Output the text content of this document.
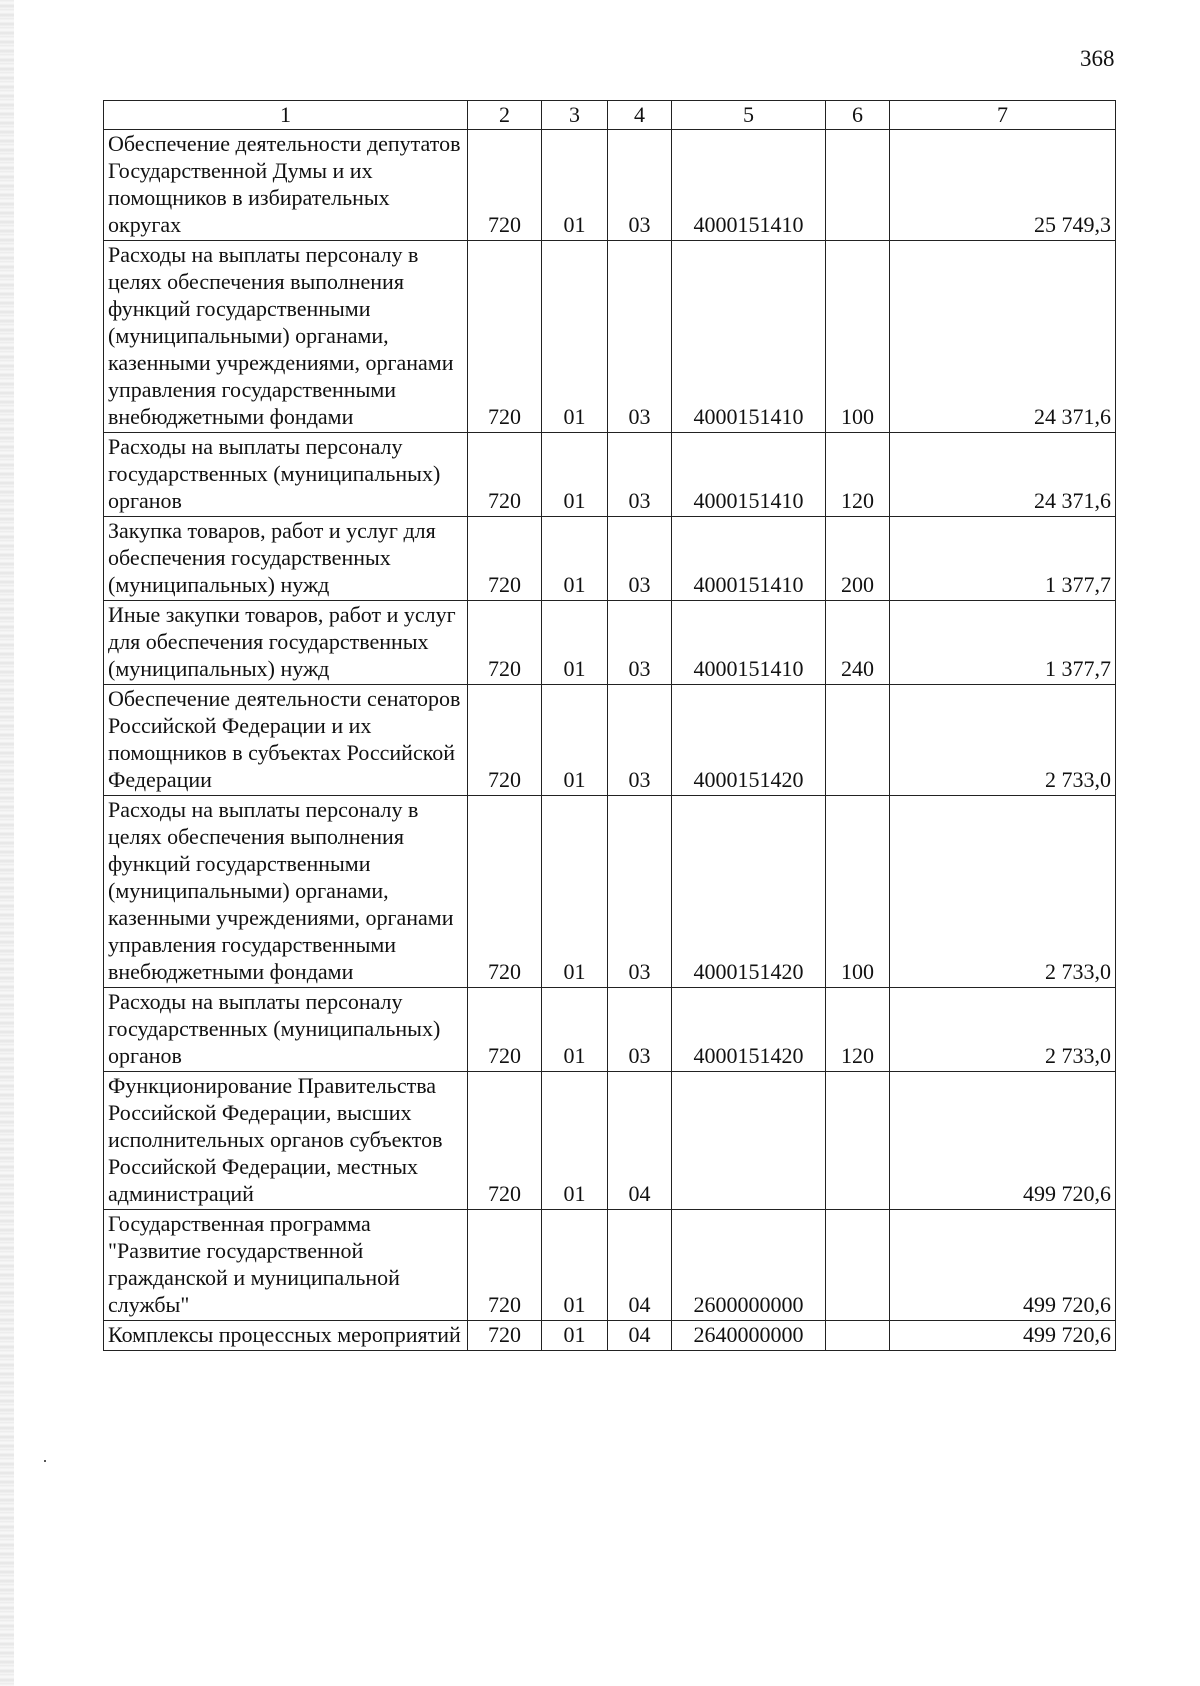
368
1	2	3	4	5	6	7
Обеспечение деятельности депутатов Государственной Думы и их помощников в избирательных округах	720	01	03	4000151410		25 749,3
Расходы на выплаты персоналу в целях обеспечения выполнения функций государственными (муниципальными) органами, казенными учреждениями, органами управления государственными внебюджетными фондами	720	01	03	4000151410	100	24 371,6
Расходы на выплаты персоналу государственных (муниципальных) органов	720	01	03	4000151410	120	24 371,6
Закупка товаров, работ и услуг для обеспечения государственных (муниципальных) нужд	720	01	03	4000151410	200	1 377,7
Иные закупки товаров, работ и услуг для обеспечения государственных (муниципальных) нужд	720	01	03	4000151410	240	1 377,7
Обеспечение деятельности сенаторов Российской Федерации и их помощников в субъектах Российской Федерации	720	01	03	4000151420		2 733,0
Расходы на выплаты персоналу в целях обеспечения выполнения функций государственными (муниципальными) органами, казенными учреждениями, органами управления государственными внебюджетными фондами	720	01	03	4000151420	100	2 733,0
Расходы на выплаты персоналу государственных (муниципальных) органов	720	01	03	4000151420	120	2 733,0
Функционирование Правительства Российской Федерации, высших исполнительных органов субъектов Российской Федерации, местных администраций	720	01	04			499 720,6
Государственная программа "Развитие государственной гражданской и муниципальной службы"	720	01	04	2600000000		499 720,6
Комплексы процессных мероприятий	720	01	04	2640000000		499 720,6
